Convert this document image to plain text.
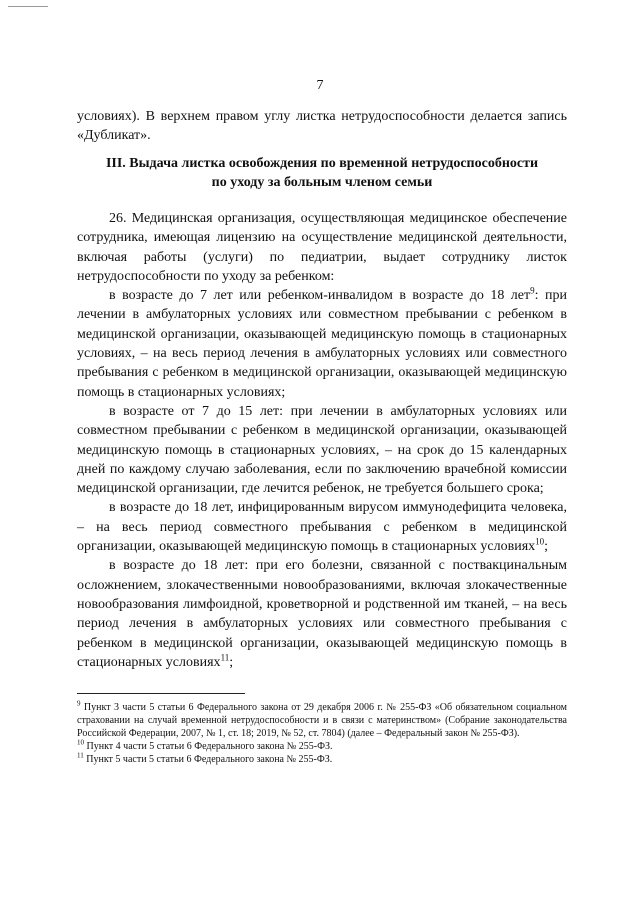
7

условиях). В верхнем правом углу листка нетрудоспособности делается запись «Дубликат».

III. Выдача листка освобождения по временной нетрудоспособности
по уходу за больным членом семьи

26. Медицинская организация, осуществляющая медицинское обеспечение сотрудника, имеющая лицензию на осуществление медицинской деятельности, включая работы (услуги) по педиатрии, выдает сотруднику листок нетрудоспособности по уходу за ребенком:

в возрасте до 7 лет или ребенком-инвалидом в возрасте до 18 лет$^9$: при лечении в амбулаторных условиях или совместном пребывании с ребенком в медицинской организации, оказывающей медицинскую помощь в стационарных условиях, – на весь период лечения в амбулаторных условиях или совместного пребывания с ребенком в медицинской организации, оказывающей медицинскую помощь в стационарных условиях;

в возрасте от 7 до 15 лет: при лечении в амбулаторных условиях или совместном пребывании с ребенком в медицинской организации, оказывающей медицинскую помощь в стационарных условиях, – на срок до 15 календарных дней по каждому случаю заболевания, если по заключению врачебной комиссии медицинской организации, где лечится ребенок, не требуется большего срока;

в возрасте до 18 лет, инфицированным вирусом иммунодефицита человека, – на весь период совместного пребывания с ребенком в медицинской организации, оказывающей медицинскую помощь в стационарных условиях$^{10}$;

в возрасте до 18 лет: при его болезни, связанной с поствакцинальным осложнением, злокачественными новообразованиями, включая злокачественные новообразования лимфоидной, кроветворной и родственной им тканей, – на весь период лечения в амбулаторных условиях или совместного пребывания с ребенком в медицинской организации, оказывающей медицинскую помощь в стационарных условиях$^{11}$;

$^9$ Пункт 3 части 5 статьи 6 Федерального закона от 29 декабря 2006 г. № 255-ФЗ «Об обязательном социальном страховании на случай временной нетрудоспособности и в связи с материнством» (Собрание законодательства Российской Федерации, 2007, № 1, ст. 18; 2019, № 52, ст. 7804) (далее – Федеральный закон № 255-ФЗ).

$^{10}$ Пункт 4 части 5 статьи 6 Федерального закона № 255-ФЗ.

$^{11}$ Пункт 5 части 5 статьи 6 Федерального закона № 255-ФЗ.
